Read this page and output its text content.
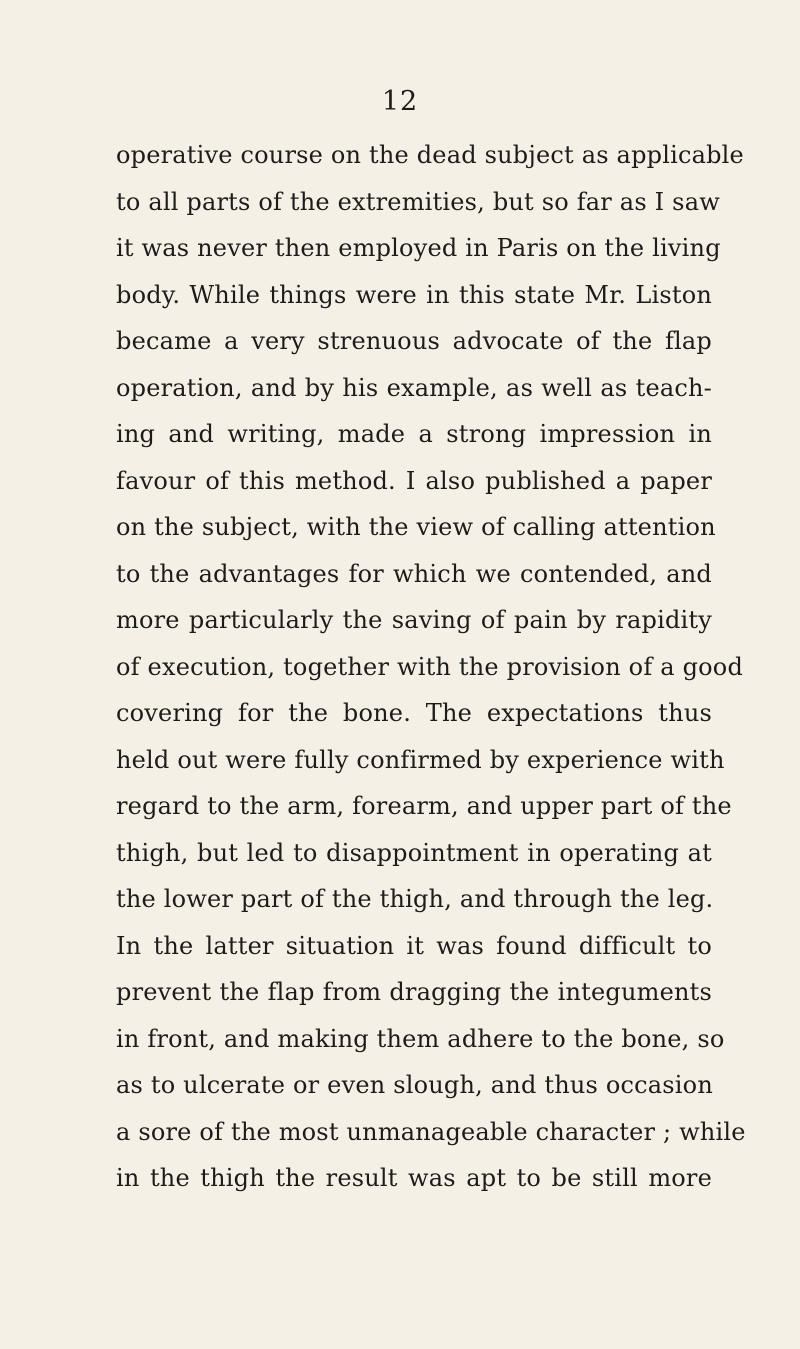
12
operative course on the dead subject as applicable
to all parts of the extremities, but so far as I saw
it was never then employed in Paris on the living
body. While things were in this state Mr. Liston
became a very strenuous advocate of the flap
operation, and by his example, as well as teach-
ing and writing, made a strong impression in
favour of this method. I also published a paper
on the subject, with the view of calling attention
to the advantages for which we contended, and
more particularly the saving of pain by rapidity
of execution, together with the provision of a good
covering for the bone. The expectations thus
held out were fully confirmed by experience with
regard to the arm, forearm, and upper part of the
thigh, but led to disappointment in operating at
the lower part of the thigh, and through the leg.
In the latter situation it was found difficult to
prevent the flap from dragging the integuments
in front, and making them adhere to the bone, so
as to ulcerate or even slough, and thus occasion
a sore of the most unmanageable character ; while
in the thigh the result was apt to be still more
